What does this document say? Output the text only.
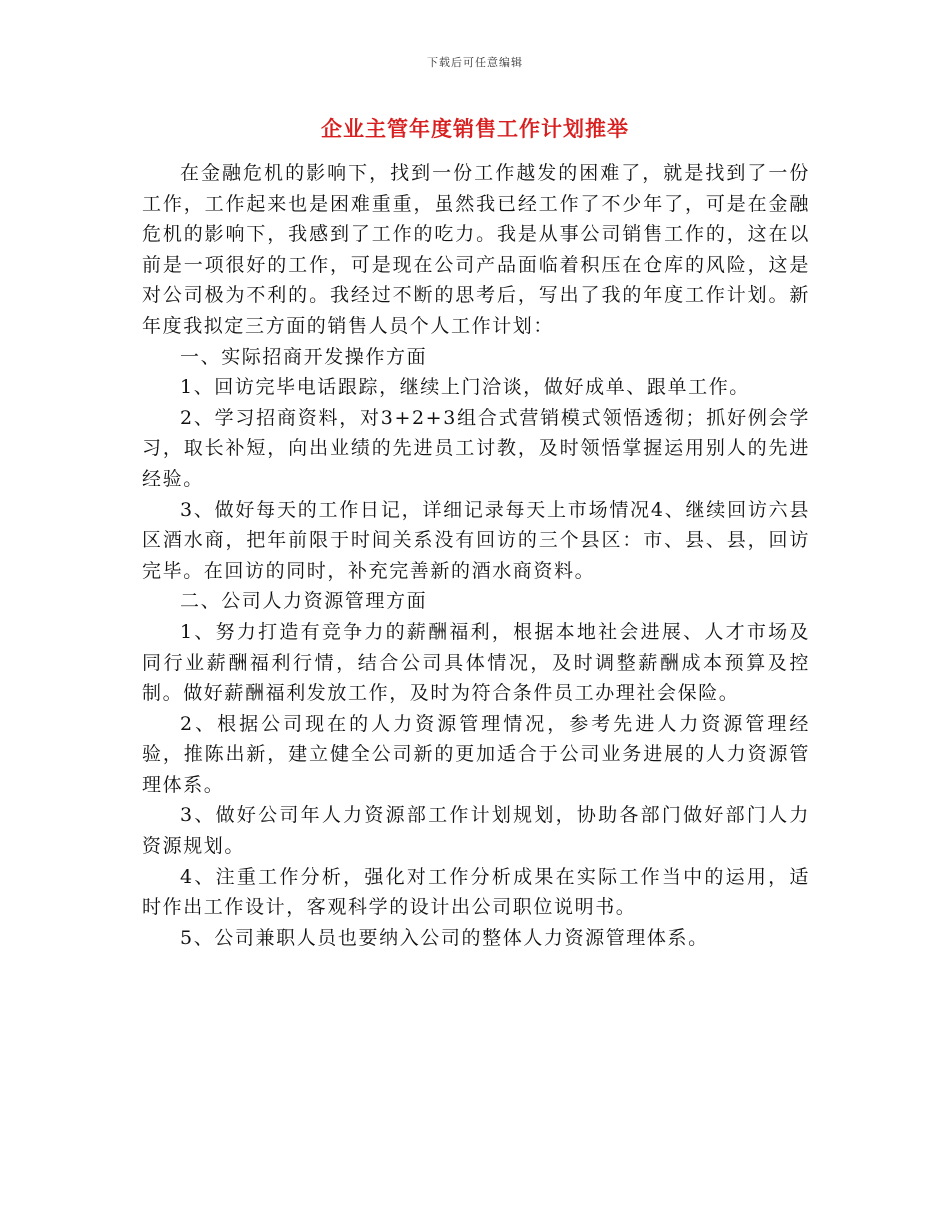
下载后可任意编辑
企业主管年度销售工作计划推举

在金融危机的影响下，找到一份工作越发的困难了，就是找到了一份工作，工作起来也是困难重重，虽然我已经工作了不少年了，可是在金融危机的影响下，我感到了工作的吃力。我是从事公司销售工作的，这在以前是一项很好的工作，可是现在公司产品面临着积压在仓库的风险，这是对公司极为不利的。我经过不断的思考后，写出了我的年度工作计划。新年度我拟定三方面的销售人员个人工作计划：

一、实际招商开发操作方面

1、回访完毕电话跟踪，继续上门洽谈，做好成单、跟单工作。

2、学习招商资料，对3+2+3组合式营销模式领悟透彻；抓好例会学习，取长补短，向出业绩的先进员工讨教，及时领悟掌握运用别人的先进经验。

3、做好每天的工作日记，详细记录每天上市场情况4、继续回访六县区酒水商，把年前限于时间关系没有回访的三个县区：市、县、县，回访完毕。在回访的同时，补充完善新的酒水商资料。

二、公司人力资源管理方面

1、努力打造有竞争力的薪酬福利，根据本地社会进展、人才市场及同行业薪酬福利行情，结合公司具体情况，及时调整薪酬成本预算及控制。做好薪酬福利发放工作，及时为符合条件员工办理社会保险。

2、根据公司现在的人力资源管理情况，参考先进人力资源管理经验，推陈出新，建立健全公司新的更加适合于公司业务进展的人力资源管理体系。

3、做好公司年人力资源部工作计划规划，协助各部门做好部门人力资源规划。

4、注重工作分析，强化对工作分析成果在实际工作当中的运用，适时作出工作设计，客观科学的设计出公司职位说明书。

5、公司兼职人员也要纳入公司的整体人力资源管理体系。
